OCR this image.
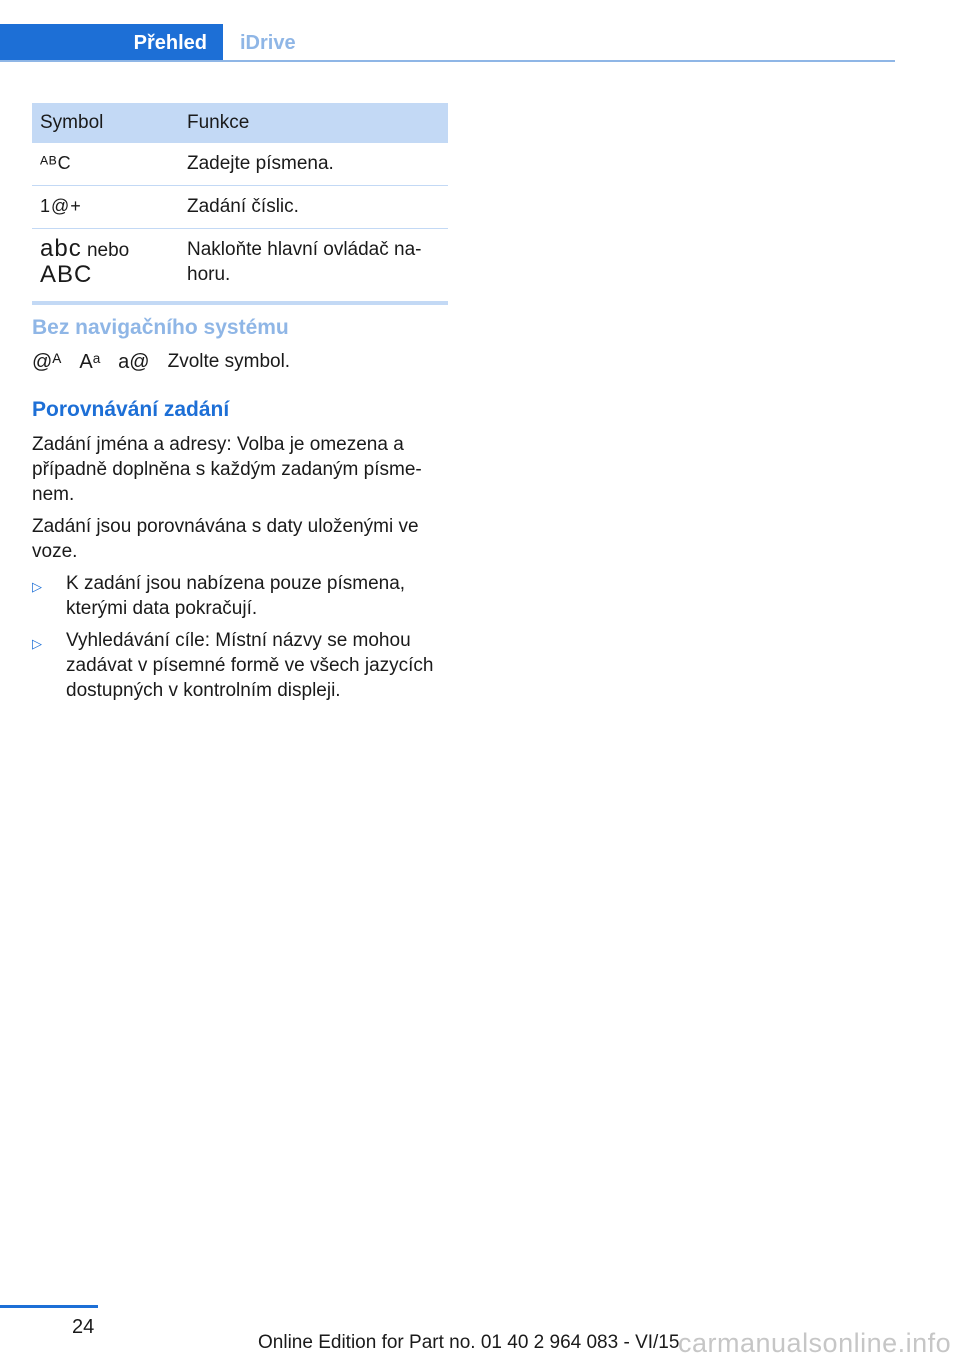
Přehled iDrive
Symbol	Funkce
ᴬᴮC	Zadejte písmena.
1@+	Zadání číslic.
abc nebo
ABC	Nakloňte hlavní ovládač na-horu.
Bez navigačního systému
@ᴬ Aᵃ a@ Zvolte symbol.
Porovnávání zadání

Zadání jména a adresy: Volba je omezena a případně doplněna s každým zadaným písme-nem.

Zadání jsou porovnávána s daty uloženými ve voze.

▷	K zadání jsou nabízena pouze písmena, kterými data pokračují.
▷	Vyhledávání cíle: Místní názvy se mohou zadávat v písemné formě ve všech jazycích dostupných v kontrolním displeji.
24
Online Edition for Part no. 01 40 2 964 083 - VI/15
carmanualsonline.info
